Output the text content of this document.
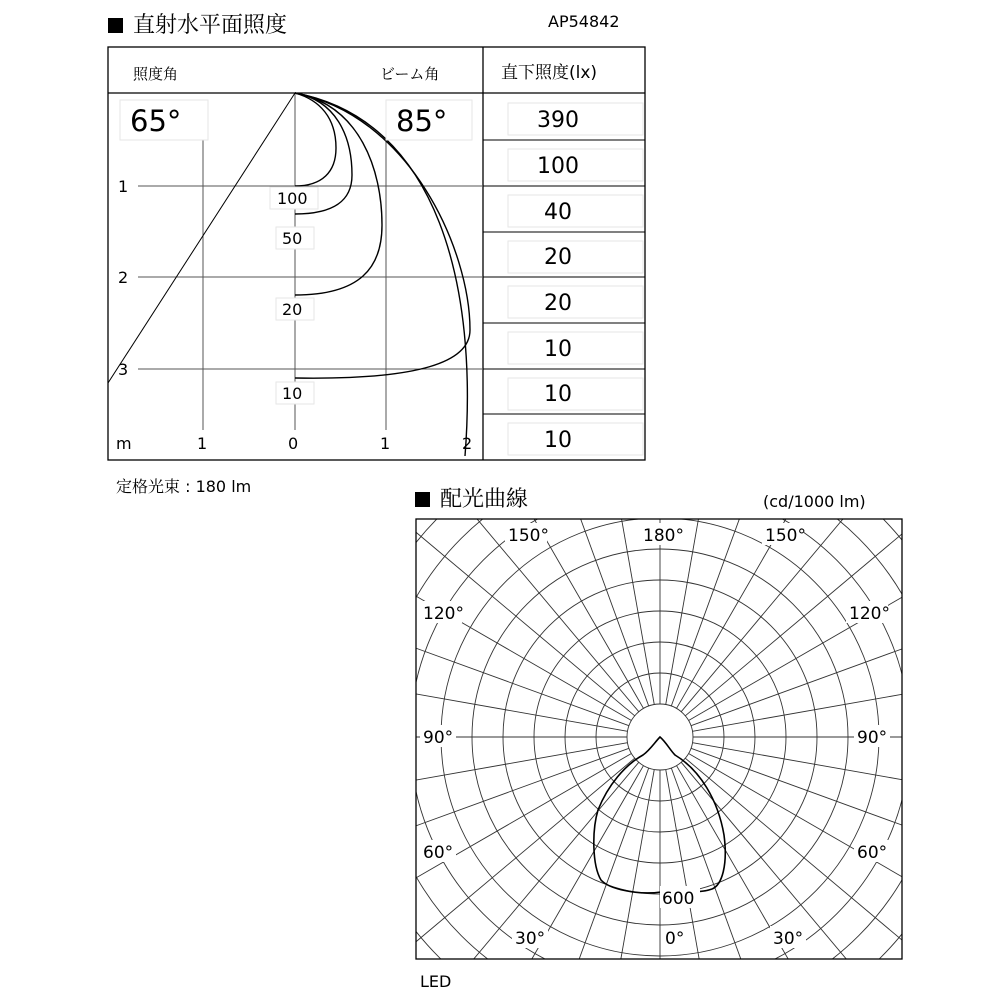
直射水平面照度	AP54842
照度角	ビーム角	直下照度(lx)
65°	85°
1
2
3
m	1	0	1	2
100
50
20
10
390
100
40
20
20
10
10
10
定格光束 : 180 lm
配光曲線	(cd/1000 lm)
150°	180°	150°
120°	120°
90°	90°
60°	60°
30°	0°	30°
600
LED
